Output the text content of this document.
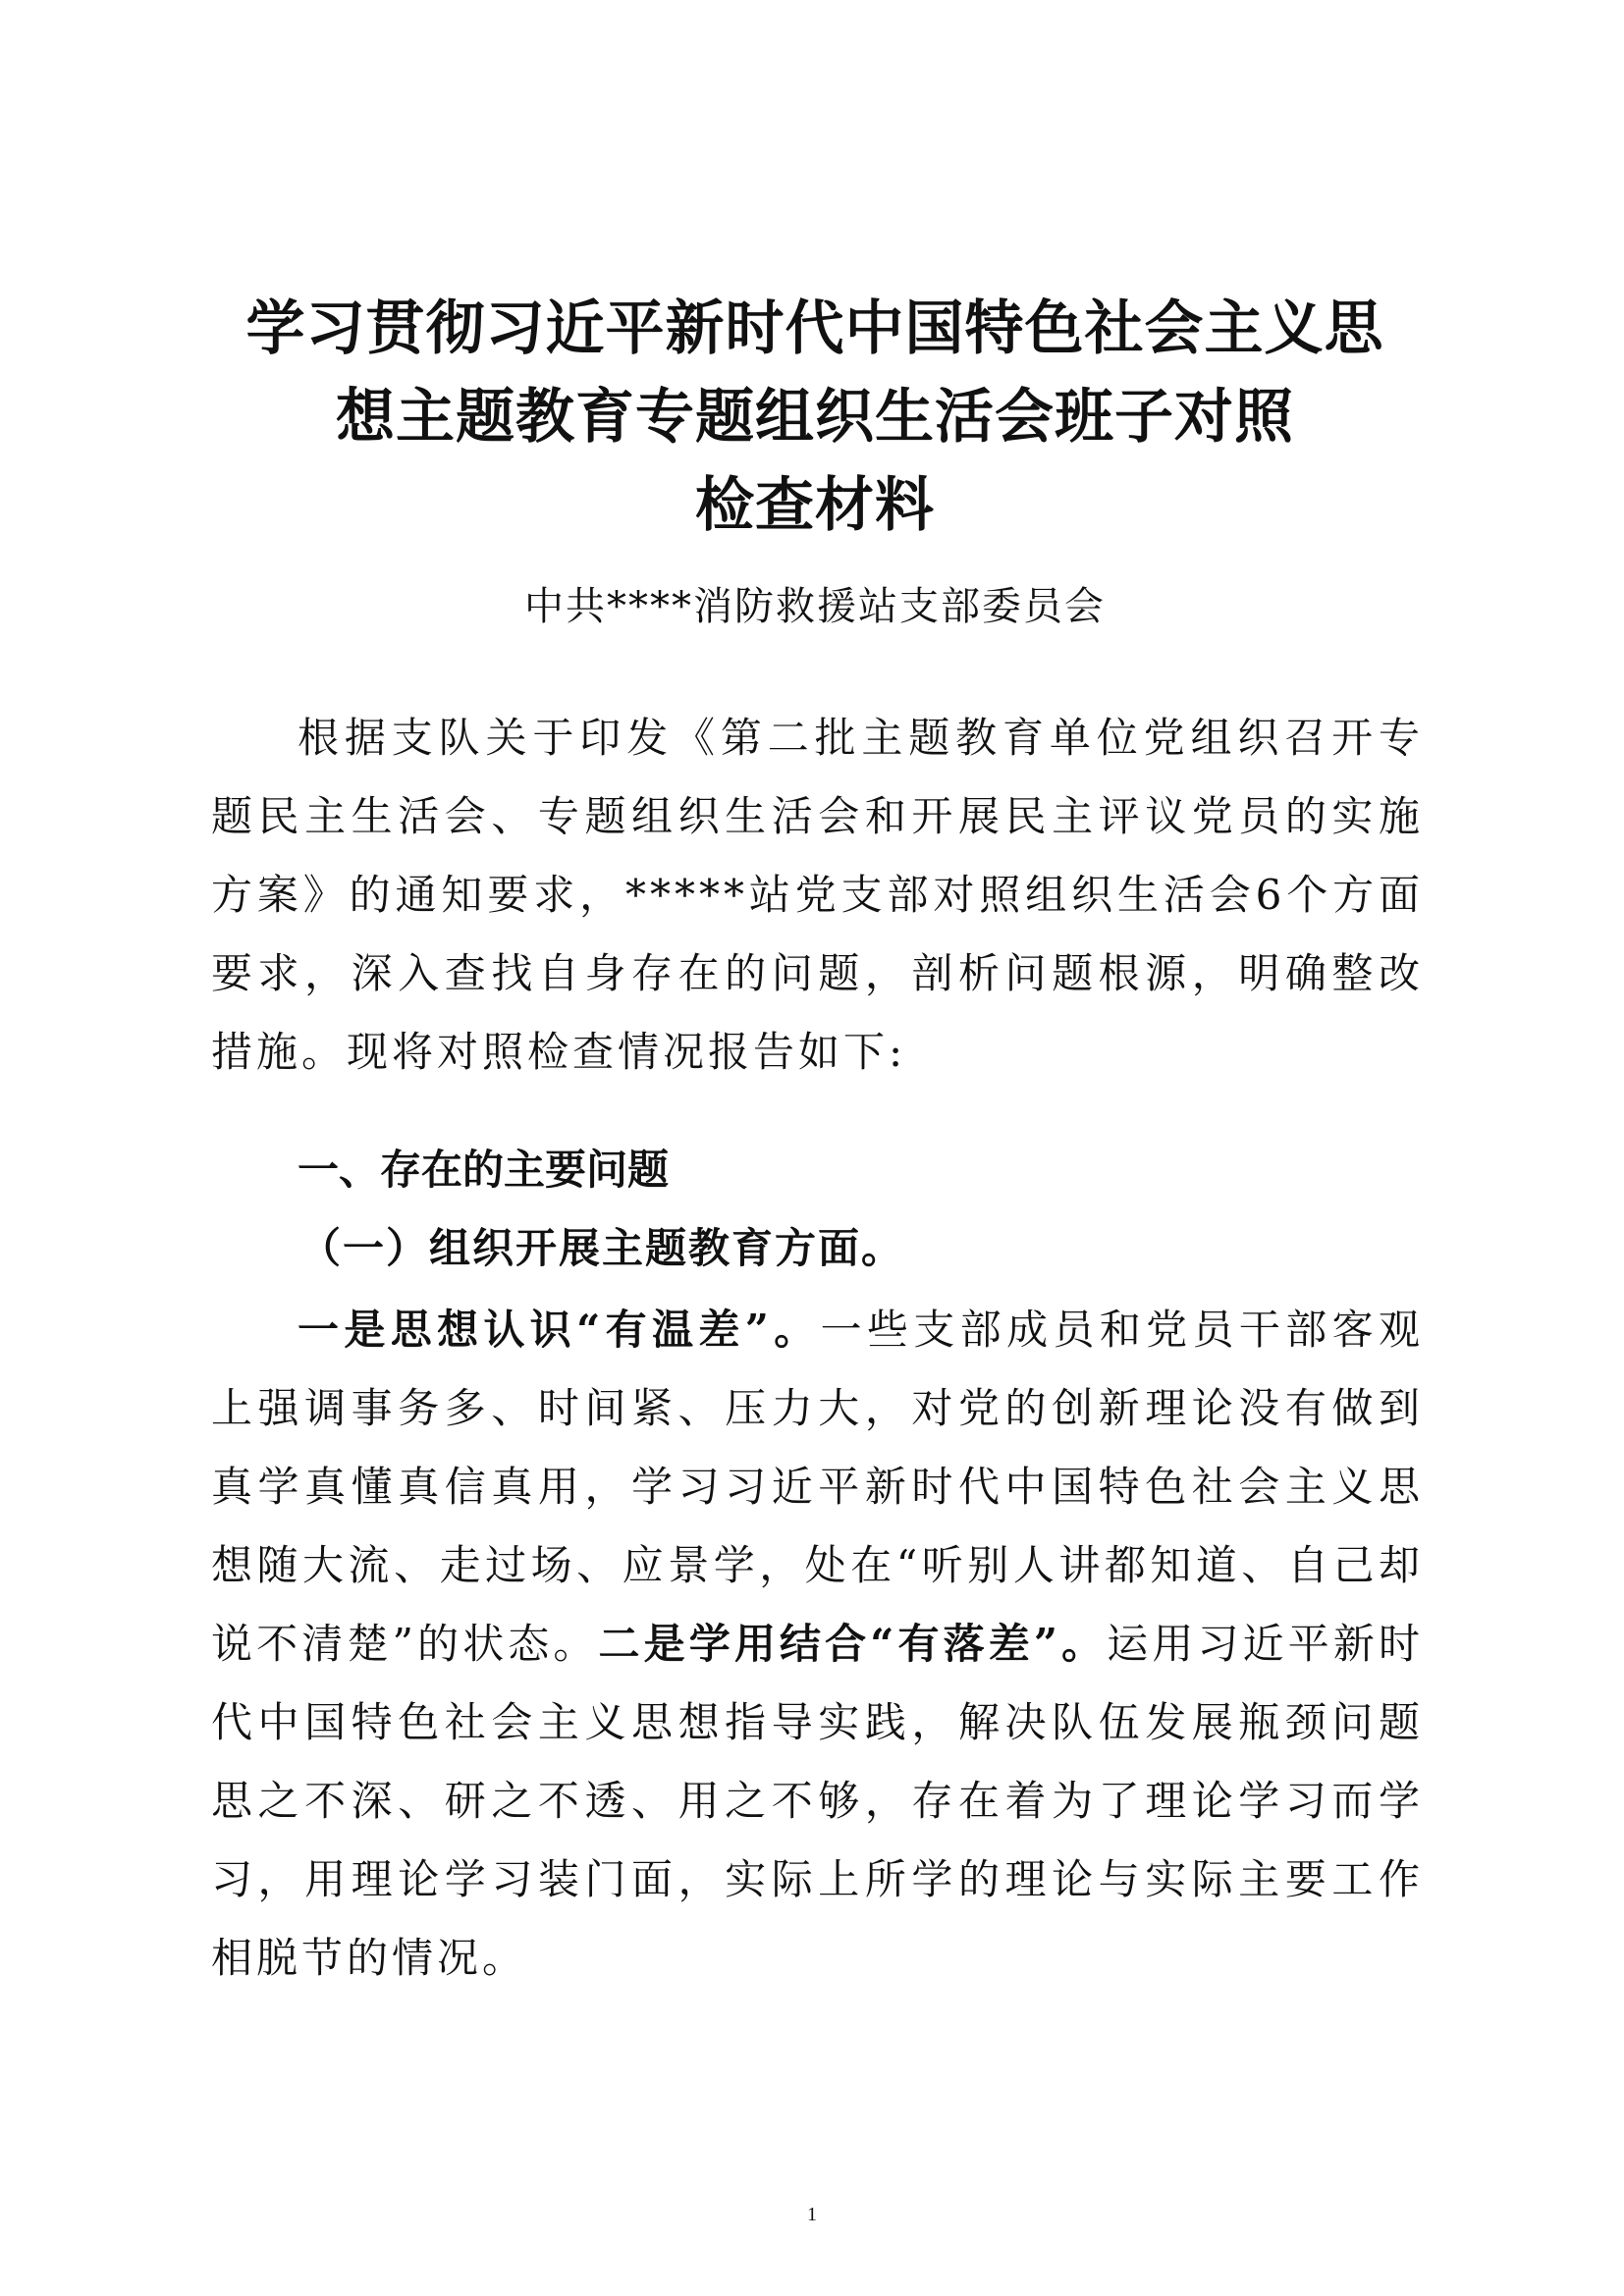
学习贯彻习近平新时代中国特色社会主义思
想主题教育专题组织生活会班子对照
检查材料

中共****消防救援站支部委员会

根据支队关于印发《第二批主题教育单位党组织召开专题民主生活会、专题组织生活会和开展民主评议党员的实施方案》的通知要求，*****站党支部对照组织生活会6个方面要求，深入查找自身存在的问题，剖析问题根源，明确整改措施。现将对照检查情况报告如下:

一、存在的主要问题
（一）组织开展主题教育方面。

一是思想认识“有温差”。一些支部成员和党员干部客观上强调事务多、时间紧、压力大，对党的创新理论没有做到真学真懂真信真用，学习习近平新时代中国特色社会主义思想随大流、走过场、应景学，处在“听别人讲都知道、自己却说不清楚”的状态。二是学用结合“有落差”。运用习近平新时代中国特色社会主义思想指导实践，解决队伍发展瓶颈问题思之不深、研之不透、用之不够，存在着为了理论学习而学习，用理论学习装门面，实际上所学的理论与实际主要工作相脱节的情况。

1
